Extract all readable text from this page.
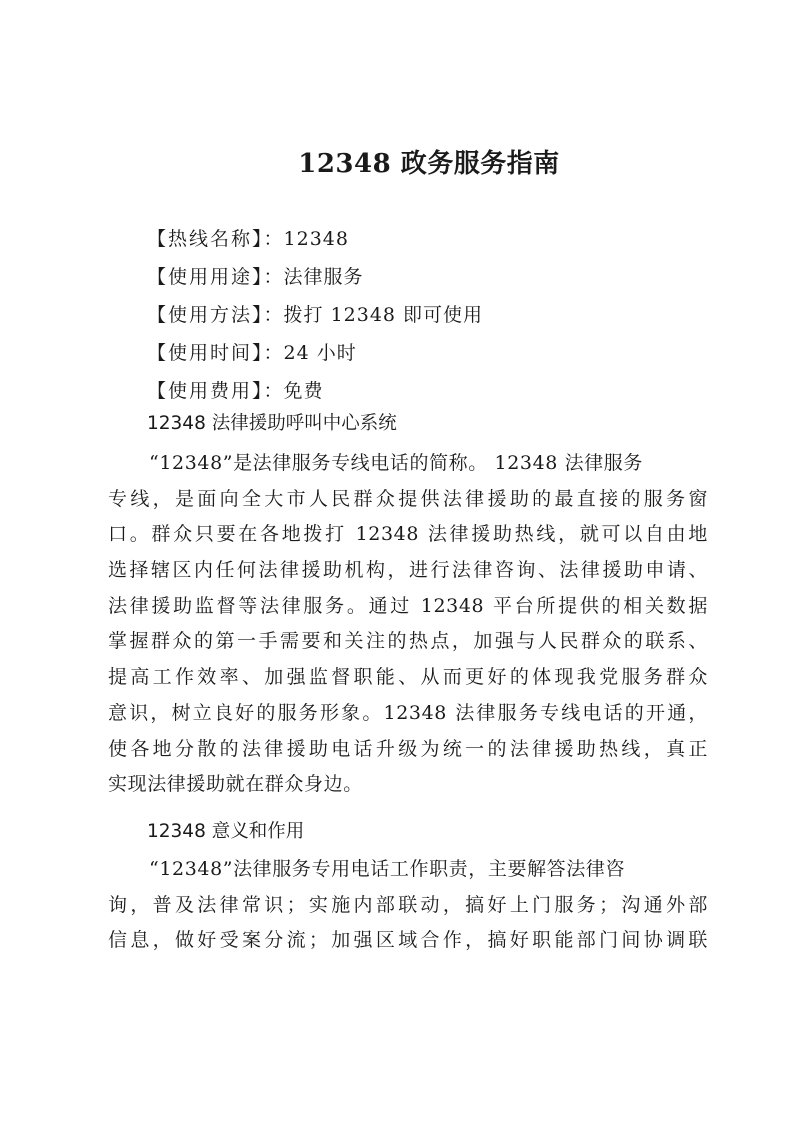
12348 政务服务指南
【热线名称】：12348
【使用用途】：法律服务
【使用方法】：拨打 12348 即可使用
【使用时间】：24 小时
【使用费用】：免费
12348 法律援助呼叫中心系统
“12348”是法律服务专线电话的简称。 12348 法律服务
专线，是面向全大市人民群众提供法律援助的最直接的服务窗
口。群众只要在各地拨打 12348 法律援助热线，就可以自由地
选择辖区内任何法律援助机构，进行法律咨询、法律援助申请、
法律援助监督等法律服务。通过 12348 平台所提供的相关数据
掌握群众的第一手需要和关注的热点，加强与人民群众的联系、
提高工作效率、加强监督职能、从而更好的体现我党服务群众
意识，树立良好的服务形象。12348 法律服务专线电话的开通，
使各地分散的法律援助电话升级为统一的法律援助热线，真正
实现法律援助就在群众身边。
12348 意义和作用
“12348”法律服务专用电话工作职责，主要解答法律咨
询，普及法律常识；实施内部联动，搞好上门服务；沟通外部
信息，做好受案分流；加强区域合作，搞好职能部门间协调联
